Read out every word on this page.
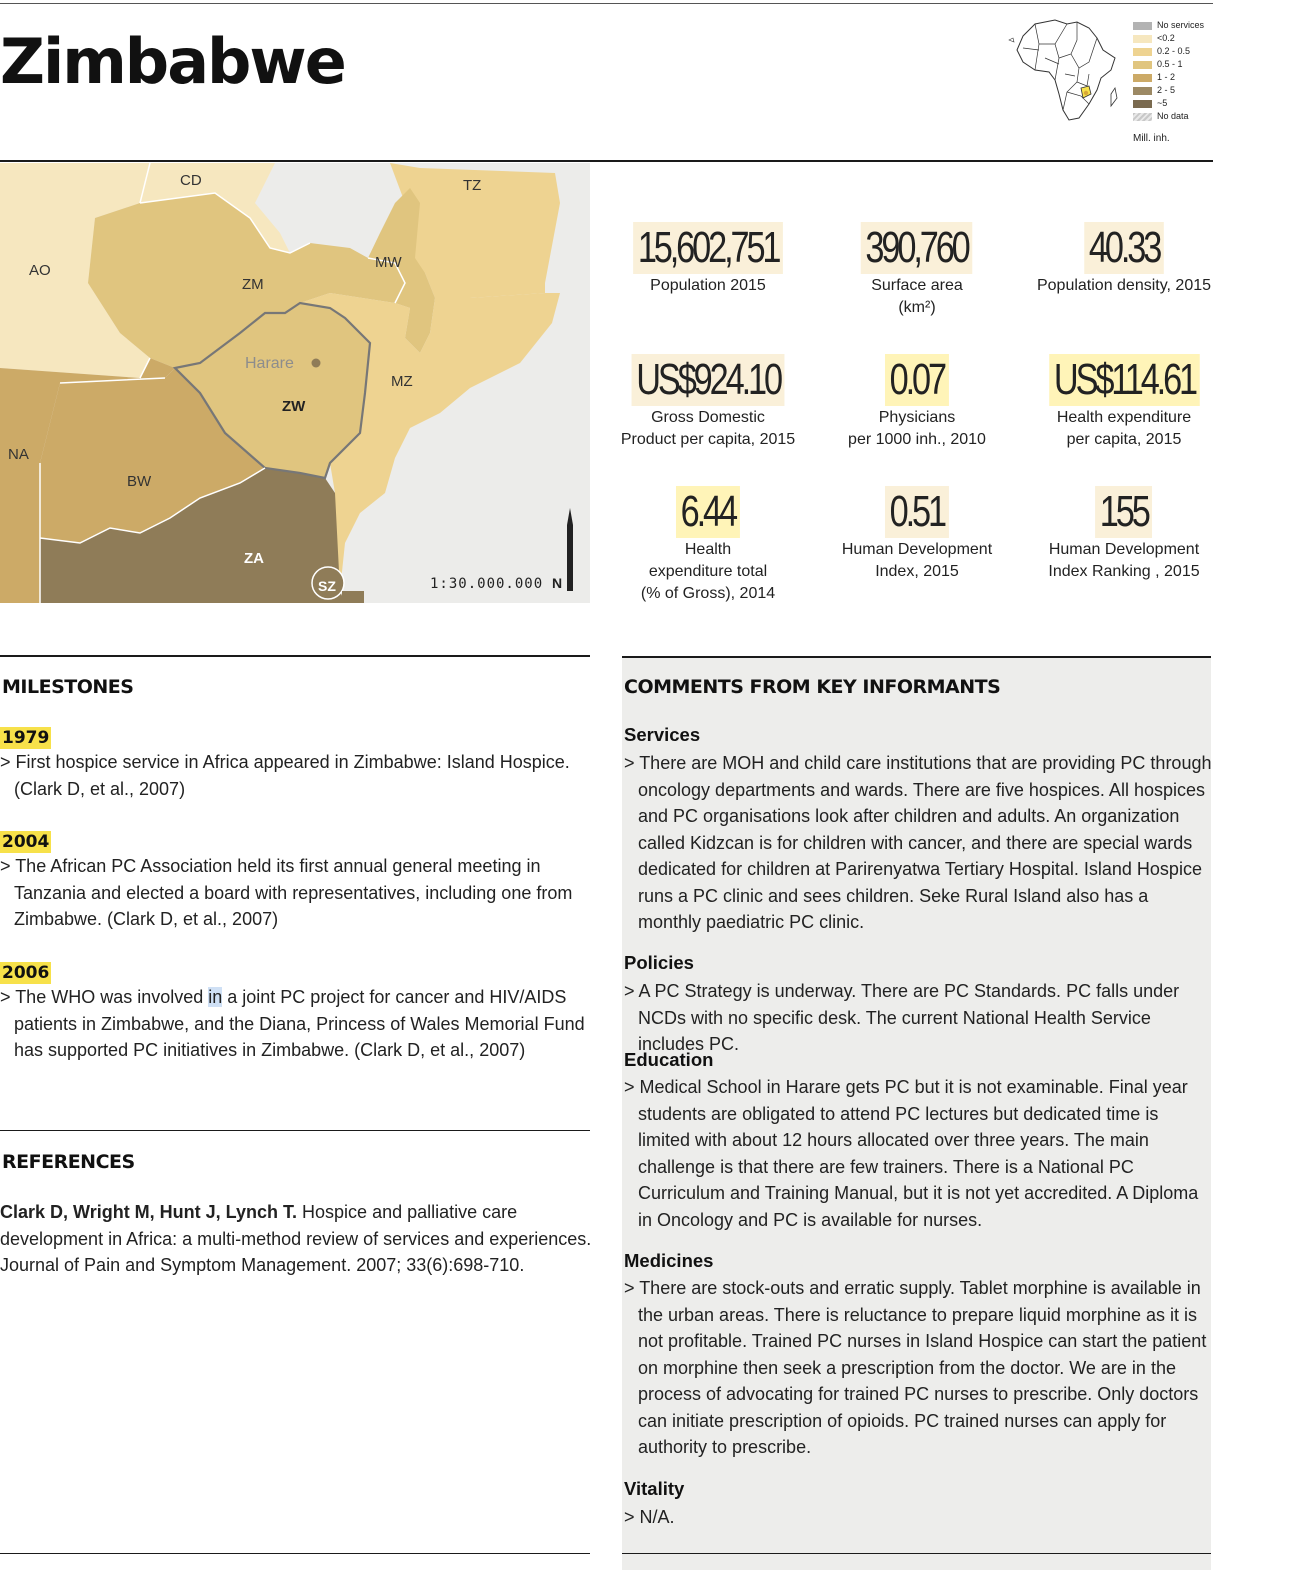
Zimbabwe	No services
<0.2
0.2 - 0.5
0.5 - 1
1 - 2
2 - 5
~5
No data
Mill. inh.
Harare
CD	TZ
AO
ZM
MW
MZ
NA
BW
ZA
SZ
ZW
1:30.000.000 N
15,602,751
Population 2015
390,760
Surface area
(km²)
40.33
Population density, 2015
US$924.10
Gross Domestic
Product per capita, 2015
0.07
Physicians
per 1000 inh., 2010
US$114.61
Health expenditure
per capita, 2015
6.44
Health
expenditure total
(% of Gross), 2014
0.51
Human Development
Index, 2015
155
Human Development
Index Ranking , 2015
MILESTONES
1979
> First hospice service in Africa appeared in Zimbabwe: Island Hospice. (Clark D, et al., 2007)
2004
> The African PC Association held its first annual general meeting in Tanzania and elected a board with representatives, including one from Zimbabwe. (Clark D, et al., 2007)
2006
> The WHO was involved in a joint PC project for cancer and HIV/AIDS patients in Zimbabwe, and the Diana, Princess of Wales Memorial Fund has supported PC initiatives in Zimbabwe. (Clark D, et al., 2007)
REFERENCES
Clark D, Wright M, Hunt J, Lynch T. Hospice and palliative care development in Africa: a multi-method review of services and experiences. Journal of Pain and Symptom Management. 2007; 33(6):698-710.
COMMENTS FROM KEY INFORMANTS
Services
> There are MOH and child care institutions that are providing PC through oncology departments and wards. There are five hospices. All hospices and PC organisations look after children and adults. An organization called Kidzcan is for children with cancer, and there are special wards dedicated for children at Parirenyatwa Tertiary Hospital. Island Hospice runs a PC clinic and sees children. Seke Rural Island also has a monthly paediatric PC clinic.
Policies
> A PC Strategy is underway. There are PC Standards. PC falls under NCDs with no specific desk. The current National Health Service includes PC.
Education
> Medical School in Harare gets PC but it is not examinable. Final year students are obligated to attend PC lectures but dedicated time is limited with about 12 hours allocated over three years. The main challenge is that there are few trainers. There is a National PC Curriculum and Training Manual, but it is not yet accredited. A Diploma in Oncology and PC is available for nurses.
Medicines
> There are stock-outs and erratic supply. Tablet morphine is available in the urban areas. There is reluctance to prepare liquid morphine as it is not profitable. Trained PC nurses in Island Hospice can start the patient on morphine then seek a prescription from the doctor. We are in the process of advocating for trained PC nurses to prescribe. Only doctors can initiate prescription of opioids. PC trained nurses can apply for authority to prescribe.
Vitality
> N/A.
